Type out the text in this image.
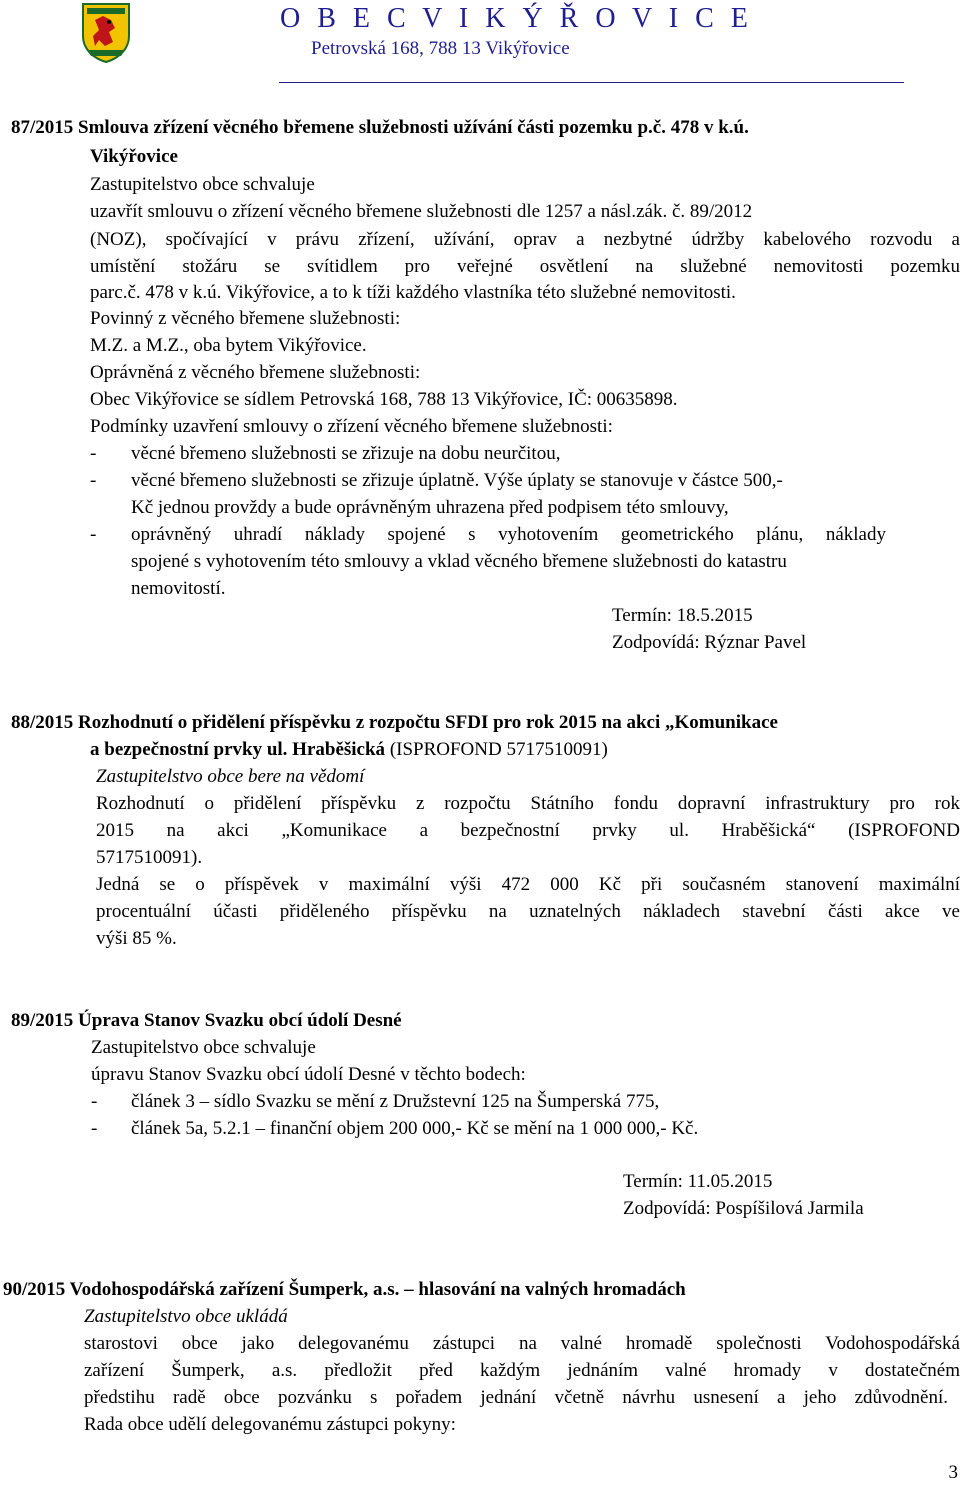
O B E C V I K Ý Ř O V I C E
Petrovská 168, 788 13 Vikýřovice
87/2015 Smlouva zřízení věcného břemene služebnosti užívání části pozemku p.č. 478 v k.ú.
Vikýřovice
Zastupitelstvo obce schvaluje
uzavřít smlouvu o zřízení věcného břemene služebnosti dle 1257 a násl.zák. č. 89/2012
(NOZ), spočívající v právu zřízení, užívání, oprav a nezbytné údržby kabelového rozvodu a
umístění stožáru se svítidlem pro veřejné osvětlení na služebné nemovitosti pozemku
parc.č. 478 v k.ú. Vikýřovice, a to k tíži každého vlastníka této služebné nemovitosti.
Povinný z věcného břemene služebnosti:
M.Z. a M.Z., oba bytem Vikýřovice.
Oprávněná z věcného břemene služebnosti:
Obec Vikýřovice se sídlem Petrovská 168, 788 13 Vikýřovice, IČ: 00635898.
Podmínky uzavření smlouvy o zřízení věcného břemene služebnosti:
- věcné břemeno služebnosti se zřizuje na dobu neurčitou,
- věcné břemeno služebnosti se zřizuje úplatně. Výše úplaty se stanovuje v částce 500,-
Kč jednou provždy a bude oprávněným uhrazena před podpisem této smlouvy,
- oprávněný uhradí náklady spojené s vyhotovením geometrického plánu, náklady
spojené s vyhotovením této smlouvy a vklad věcného břemene služebnosti do katastru
nemovitostí.
Termín: 18.5.2015
Zodpovídá: Rýznar Pavel
88/2015 Rozhodnutí o přidělení příspěvku z rozpočtu SFDI pro rok 2015 na akci „Komunikace
a bezpečnostní prvky ul. Hraběšická (ISPROFOND 5717510091)
Zastupitelstvo obce bere na vědomí
Rozhodnutí o přidělení příspěvku z rozpočtu Státního fondu dopravní infrastruktury pro rok
2015 na akci „Komunikace a bezpečnostní prvky ul. Hraběšická“ (ISPROFOND
5717510091).
Jedná se o příspěvek v maximální výši 472 000 Kč při současném stanovení maximální
procentuální účasti přiděleného příspěvku na uznatelných nákladech stavební části akce ve
výši 85 %.
89/2015 Úprava Stanov Svazku obcí údolí Desné
Zastupitelstvo obce schvaluje
úpravu Stanov Svazku obcí údolí Desné v těchto bodech:
- článek 3 – sídlo Svazku se mění z Družstevní 125 na Šumperská 775,
- článek 5a, 5.2.1 – finanční objem 200 000,- Kč se mění na 1 000 000,- Kč.
Termín: 11.05.2015
Zodpovídá: Pospíšilová Jarmila
90/2015 Vodohospodářská zařízení Šumperk, a.s. – hlasování na valných hromadách
Zastupitelstvo obce ukládá
starostovi obce jako delegovanému zástupci na valné hromadě společnosti Vodohospodářská
zařízení Šumperk, a.s. předložit před každým jednáním valné hromady v dostatečném
předstihu radě obce pozvánku s pořadem jednání včetně návrhu usnesení a jeho zdůvodnění.
Rada obce udělí delegovanému zástupci pokyny:
3
